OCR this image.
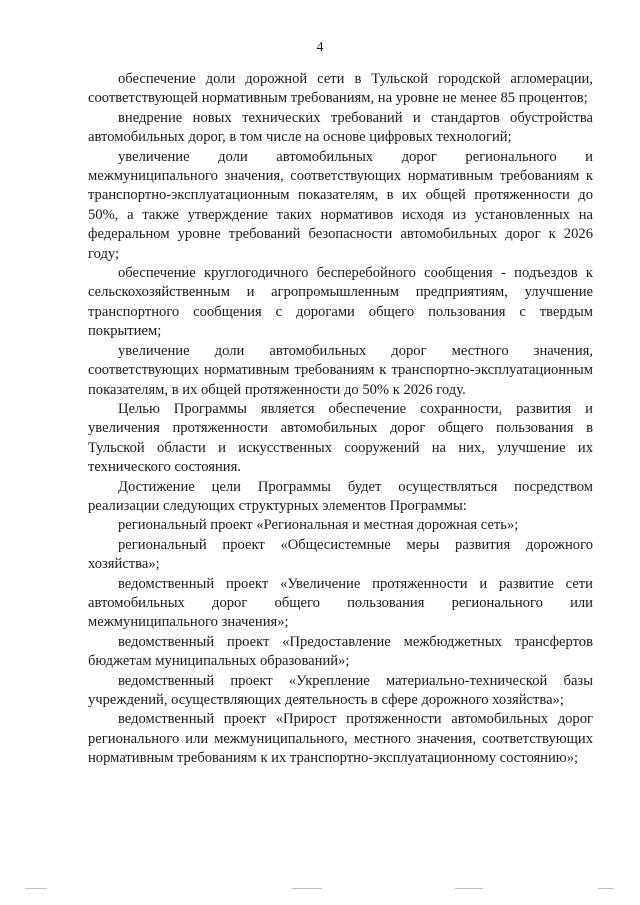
4

обеспечение доли дорожной сети в Тульской городской агломерации, соответствующей нормативным требованиям, на уровне не менее 85 процентов;

внедрение новых технических требований и стандартов обустройства автомобильных дорог, в том числе на основе цифровых технологий;

увеличение доли автомобильных дорог регионального и межмуниципального значения, соответствующих нормативным требованиям к транспортно-эксплуатационным показателям, в их общей протяженности до 50%, а также утверждение таких нормативов исходя из установленных на федеральном уровне требований безопасности автомобильных дорог к 2026 году;

обеспечение круглогодичного бесперебойного сообщения - подъездов к сельскохозяйственным и агропромышленным предприятиям, улучшение транспортного сообщения с дорогами общего пользования с твердым покрытием;

увеличение доли автомобильных дорог местного значения, соответствующих нормативным требованиям к транспортно-эксплуатационным показателям, в их общей протяженности до 50% к 2026 году.

Целью Программы является обеспечение сохранности, развития и увеличения протяженности автомобильных дорог общего пользования в Тульской области и искусственных сооружений на них, улучшение их технического состояния.

Достижение цели Программы будет осуществляться посредством реализации следующих структурных элементов Программы:

региональный проект «Региональная и местная дорожная сеть»;

региональный проект «Общесистемные меры развития дорожного хозяйства»;

ведомственный проект «Увеличение протяженности и развитие сети автомобильных дорог общего пользования регионального или межмуниципального значения»;

ведомственный проект «Предоставление межбюджетных трансфертов бюджетам муниципальных образований»;

ведомственный проект «Укрепление материально-технической базы учреждений, осуществляющих деятельность в сфере дорожного хозяйства»;

ведомственный проект «Прирост протяженности автомобильных дорог регионального или межмуниципального, местного значения, соответствующих нормативным требованиям к их транспортно-эксплуатационному состоянию»;
